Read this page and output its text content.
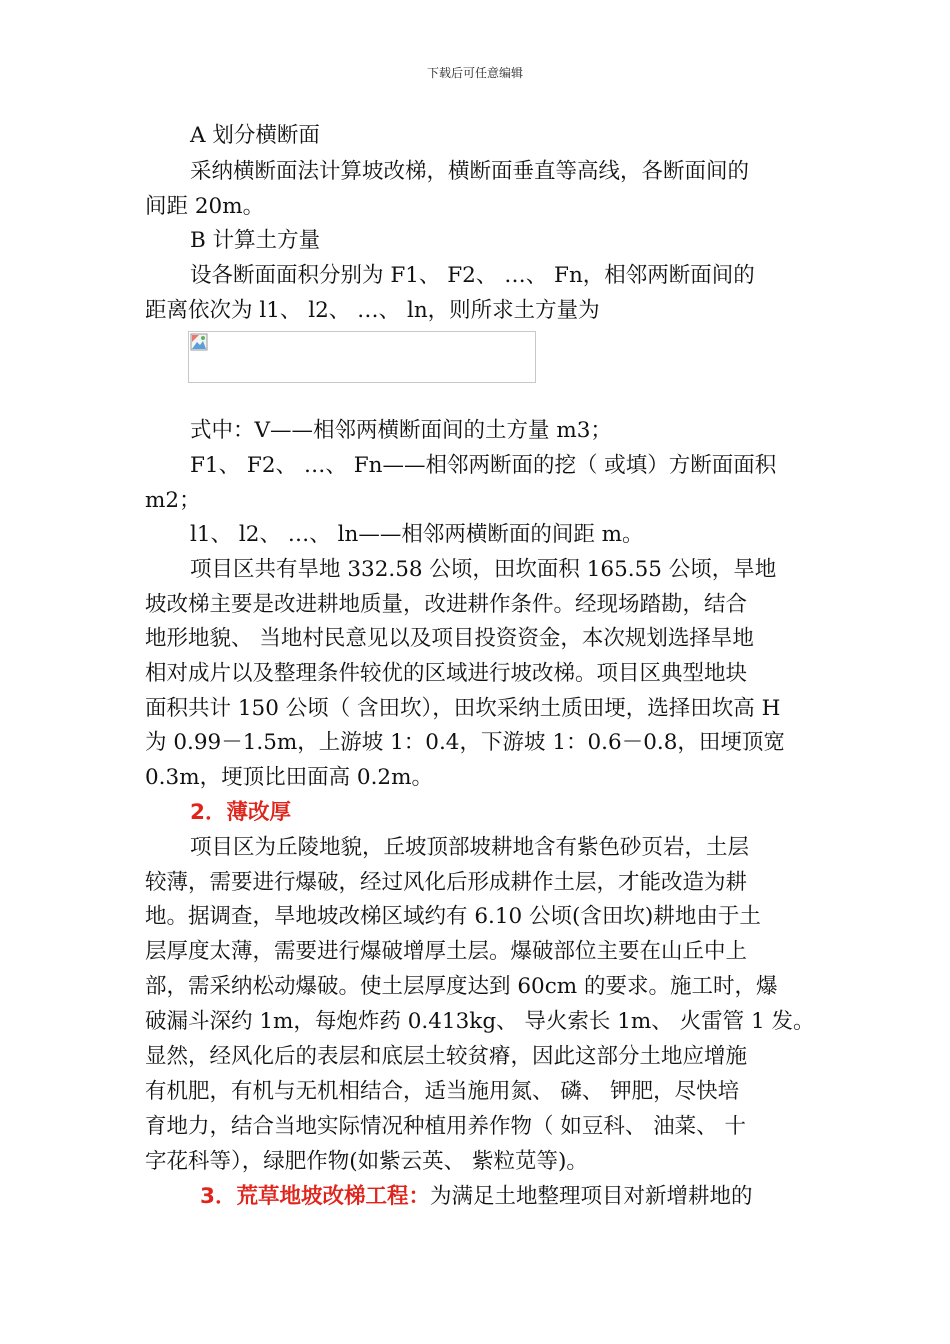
下载后可任意编辑
A 划分横断面
采纳横断面法计算坡改梯，横断面垂直等高线，各断面间的
间距 20m。
B 计算土方量
设各断面面积分别为 F1、 F2、 …、 Fn，相邻两断面间的
距离依次为 l1、 l2、 …、 ln，则所求土方量为
式中：V——相邻两横断面间的土方量 m3；
F1、 F2、 …、 Fn——相邻两断面的挖（ 或填）方断面面积
m2；
l1、 l2、 …、 ln——相邻两横断面的间距 m。
项目区共有旱地 332.58 公顷，田坎面积 165.55 公顷，旱地
坡改梯主要是改进耕地质量，改进耕作条件。经现场踏勘，结合
地形地貌、 当地村民意见以及项目投资资金，本次规划选择旱地
相对成片以及整理条件较优的区域进行坡改梯。项目区典型地块
面积共计 150 公顷（ 含田坎），田坎采纳土质田埂，选择田坎高 H
为 0.99－1.5m，上游坡 1：0.4，下游坡 1：0.6－0.8，田埂顶宽
0.3m，埂顶比田面高 0.2m。
2．薄改厚
项目区为丘陵地貌，丘坡顶部坡耕地含有紫色砂页岩，土层
较薄，需要进行爆破，经过风化后形成耕作土层，才能改造为耕
地。据调查，旱地坡改梯区域约有 6.10 公顷(含田坎)耕地由于土
层厚度太薄，需要进行爆破增厚土层。爆破部位主要在山丘中上
部，需采纳松动爆破。使土层厚度达到 60cm 的要求。施工时，爆
破漏斗深约 1m，每炮炸药 0.413kg、 导火索长 1m、 火雷管 1 发。
显然，经风化后的表层和底层土较贫瘠，因此这部分土地应增施
有机肥，有机与无机相结合，适当施用氮、 磷、 钾肥，尽快培
育地力，结合当地实际情况种植用养作物（ 如豆科、 油菜、 十
字花科等），绿肥作物(如紫云英、 紫粒苋等)。
3．荒草地坡改梯工程：为满足土地整理项目对新增耕地的
